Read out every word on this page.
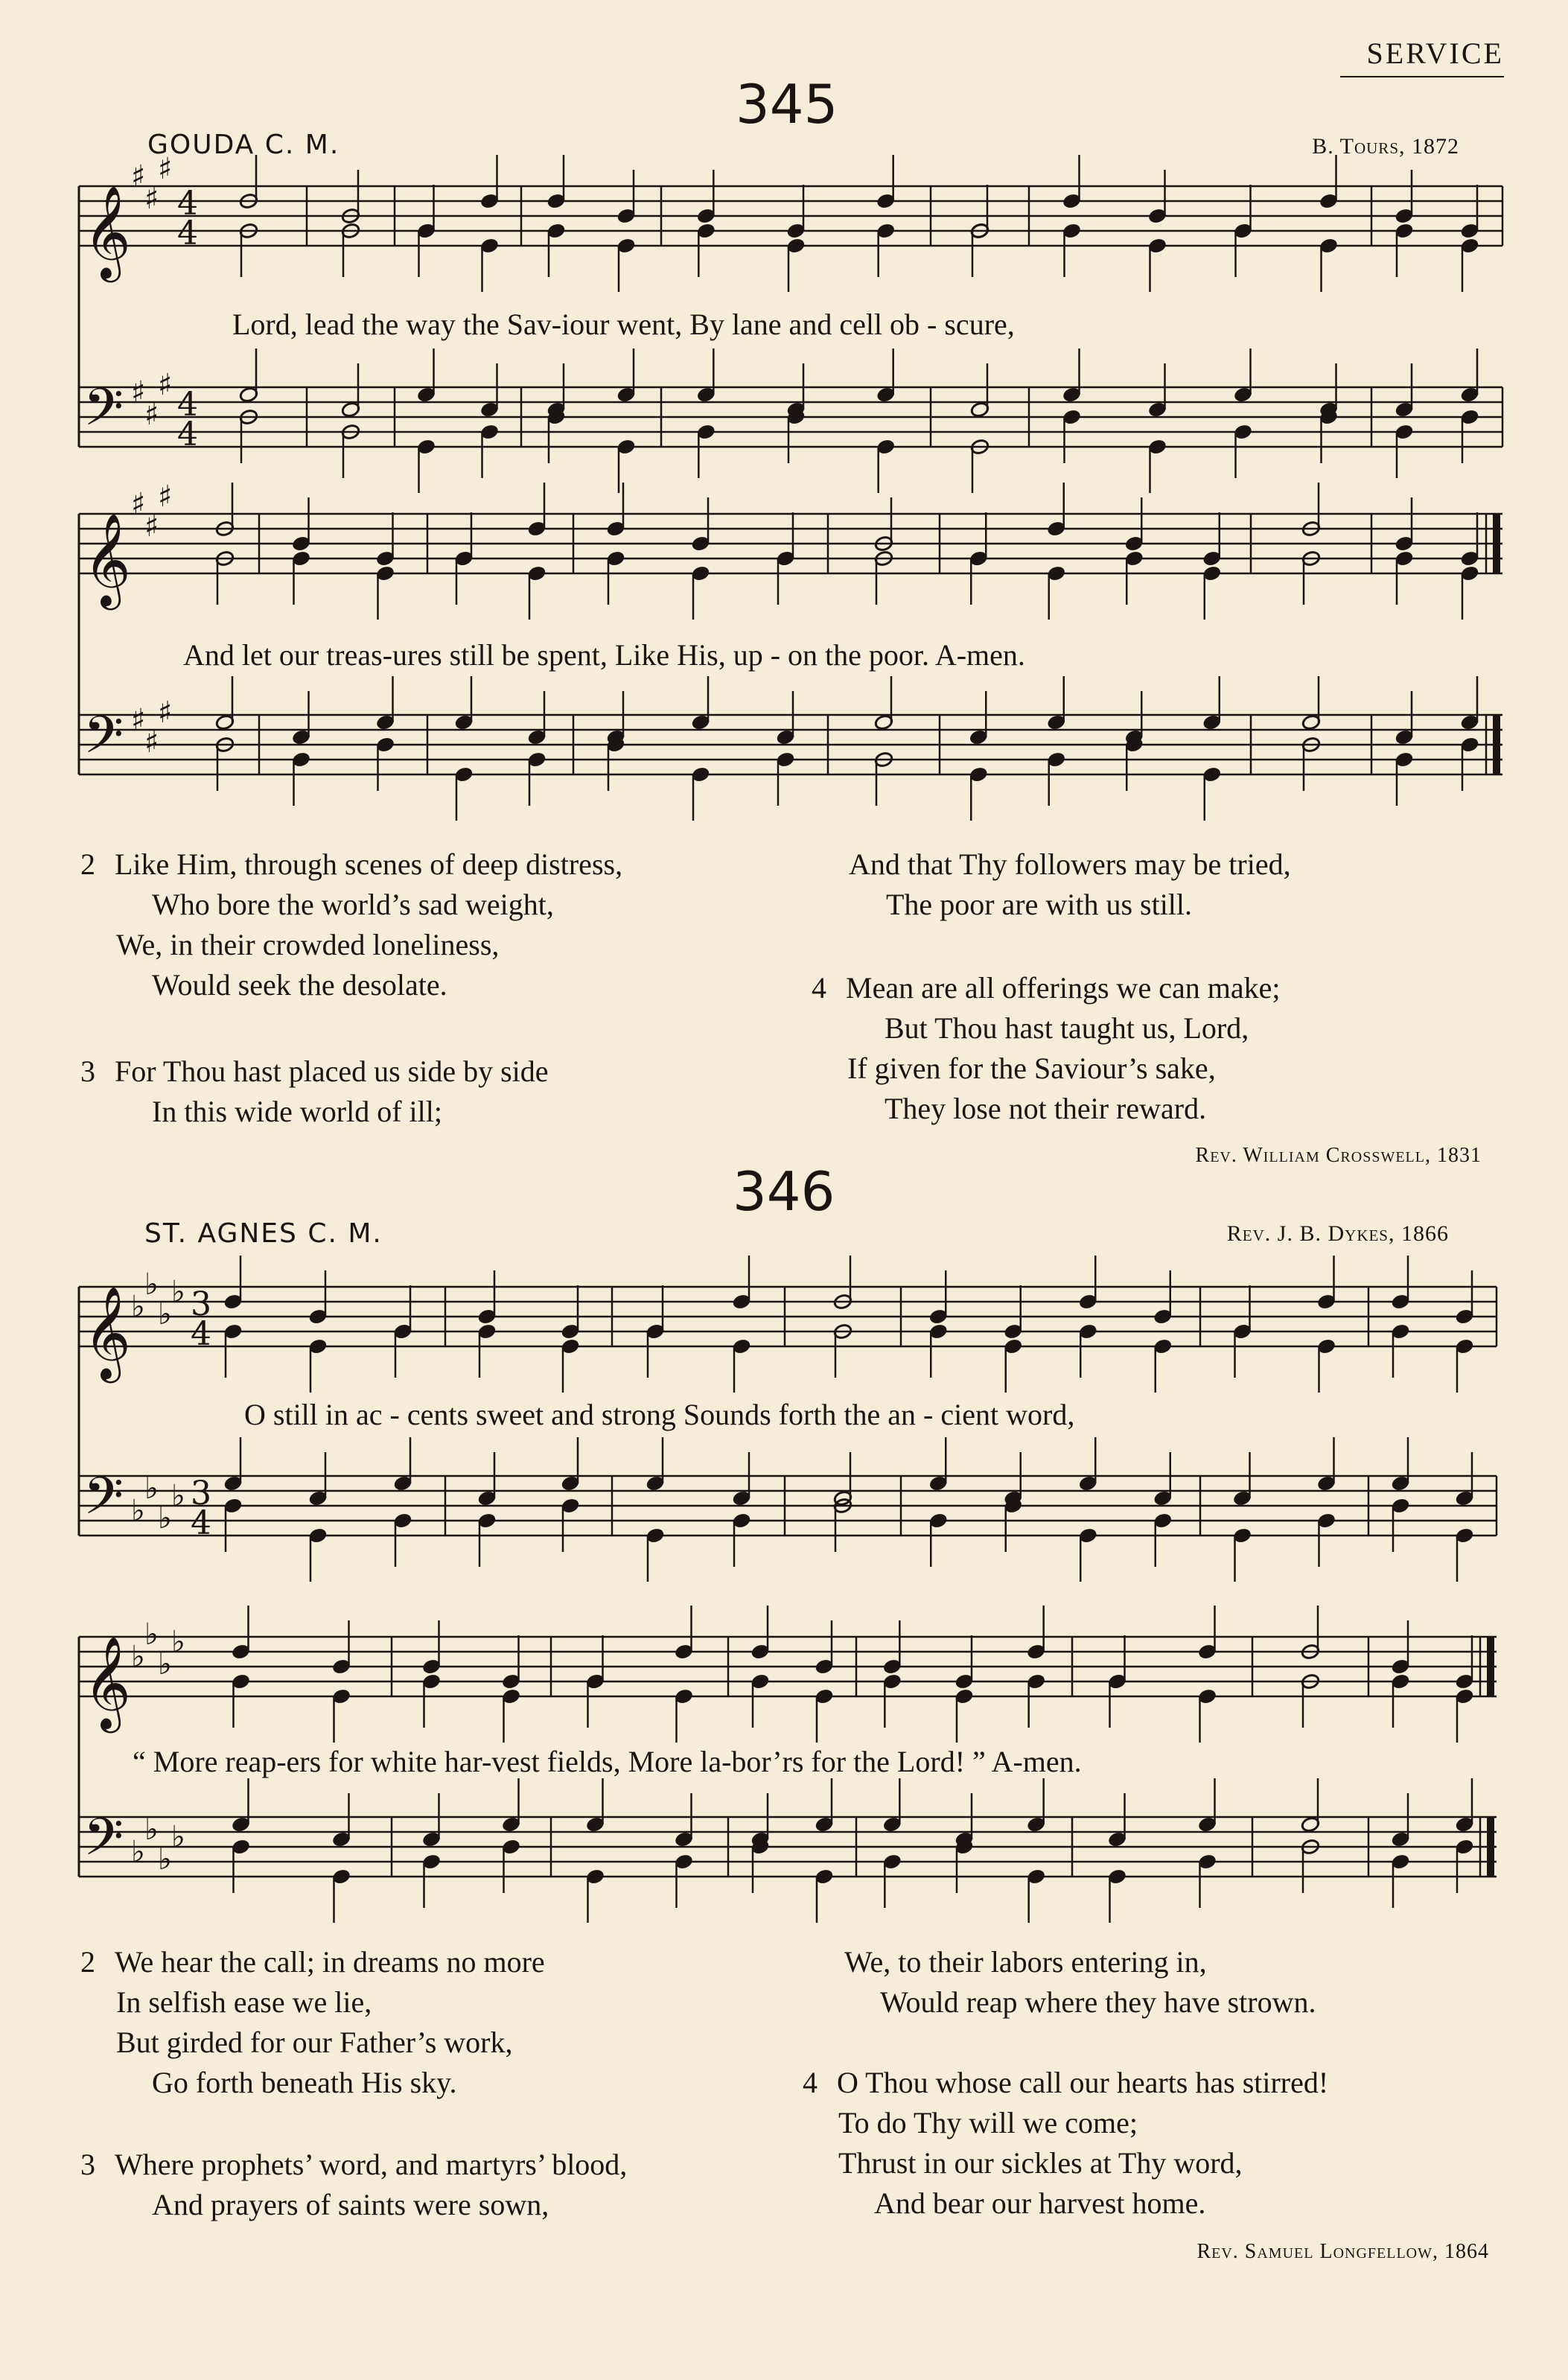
SERVICE
345
GOUDA C. M.	B. Tours, 1872
𝄞
𝄢
♯
♯
♯
♯
♯
♯
4
4
4
4
𝄞
𝄢
♯
♯
♯
♯
♯
♯
𝄞
𝄢
♭
♭
♭
♭
♭
♭
♭
♭
3
4
3
4
𝄞
𝄢
♭
♭
♭
♭
♭
♭
♭
♭
Lord, lead the way the Sav-iour went, By lane and cell ob - scure,
And let our treas-ures still be spent, Like His, up - on the poor. A-men.
2 Like Him, through scenes of deep distress,
Who bore the world’s sad weight,
We, in their crowded loneliness,
Would seek the desolate.
And that Thy followers may be tried,
The poor are with us still.
3 For Thou hast placed us side by side
In this wide world of ill;
4 Mean are all offerings we can make;
But Thou hast taught us, Lord,
If given for the Saviour’s sake,
They lose not their reward.
Rev. William Crosswell, 1831
346
ST. AGNES C. M.	Rev. J. B. Dykes, 1866
O still in ac - cents sweet and strong Sounds forth the an - cient word,
“ More reap-ers for white har-vest fields, More la-bor’rs for the Lord! ” A-men.
2 We hear the call; in dreams no more
In selfish ease we lie,
But girded for our Father’s work,
Go forth beneath His sky.
We, to their labors entering in,
Would reap where they have strown.
3 Where prophets’ word, and martyrs’ blood,
And prayers of saints were sown,
4 O Thou whose call our hearts has stirred!
To do Thy will we come;
Thrust in our sickles at Thy word,
And bear our harvest home.
Rev. Samuel Longfellow, 1864
